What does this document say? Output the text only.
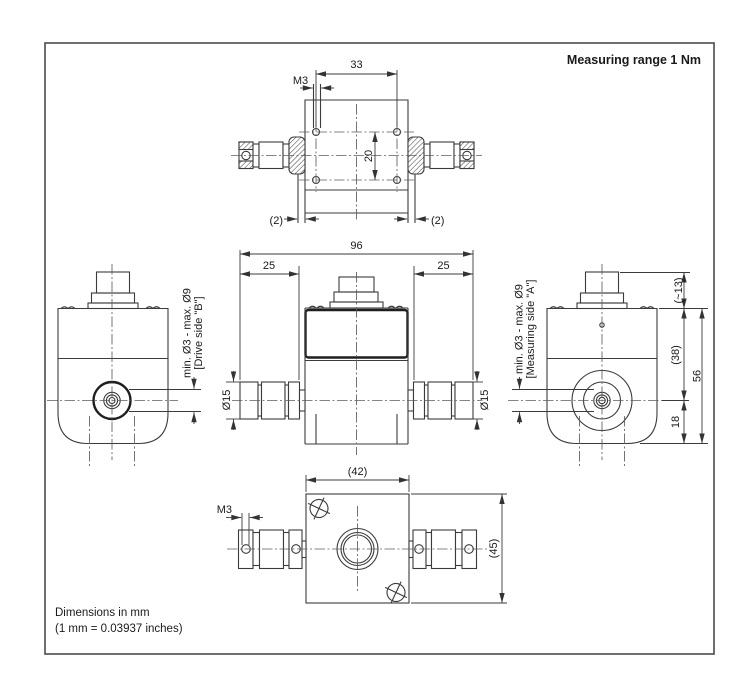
Measuring range 1 Nm
33
M3
20
(2)	(2)
96
25	25
Ø15	Ø15
min. Ø3 - max. Ø9 [Drive side "B"]	min. Ø3 - max. Ø9 [Measuring side "A"]	(~13)
(38)
18
56
(42)
(45)
M3
Dimensions in mm
(1 mm = 0.03937 inches)
